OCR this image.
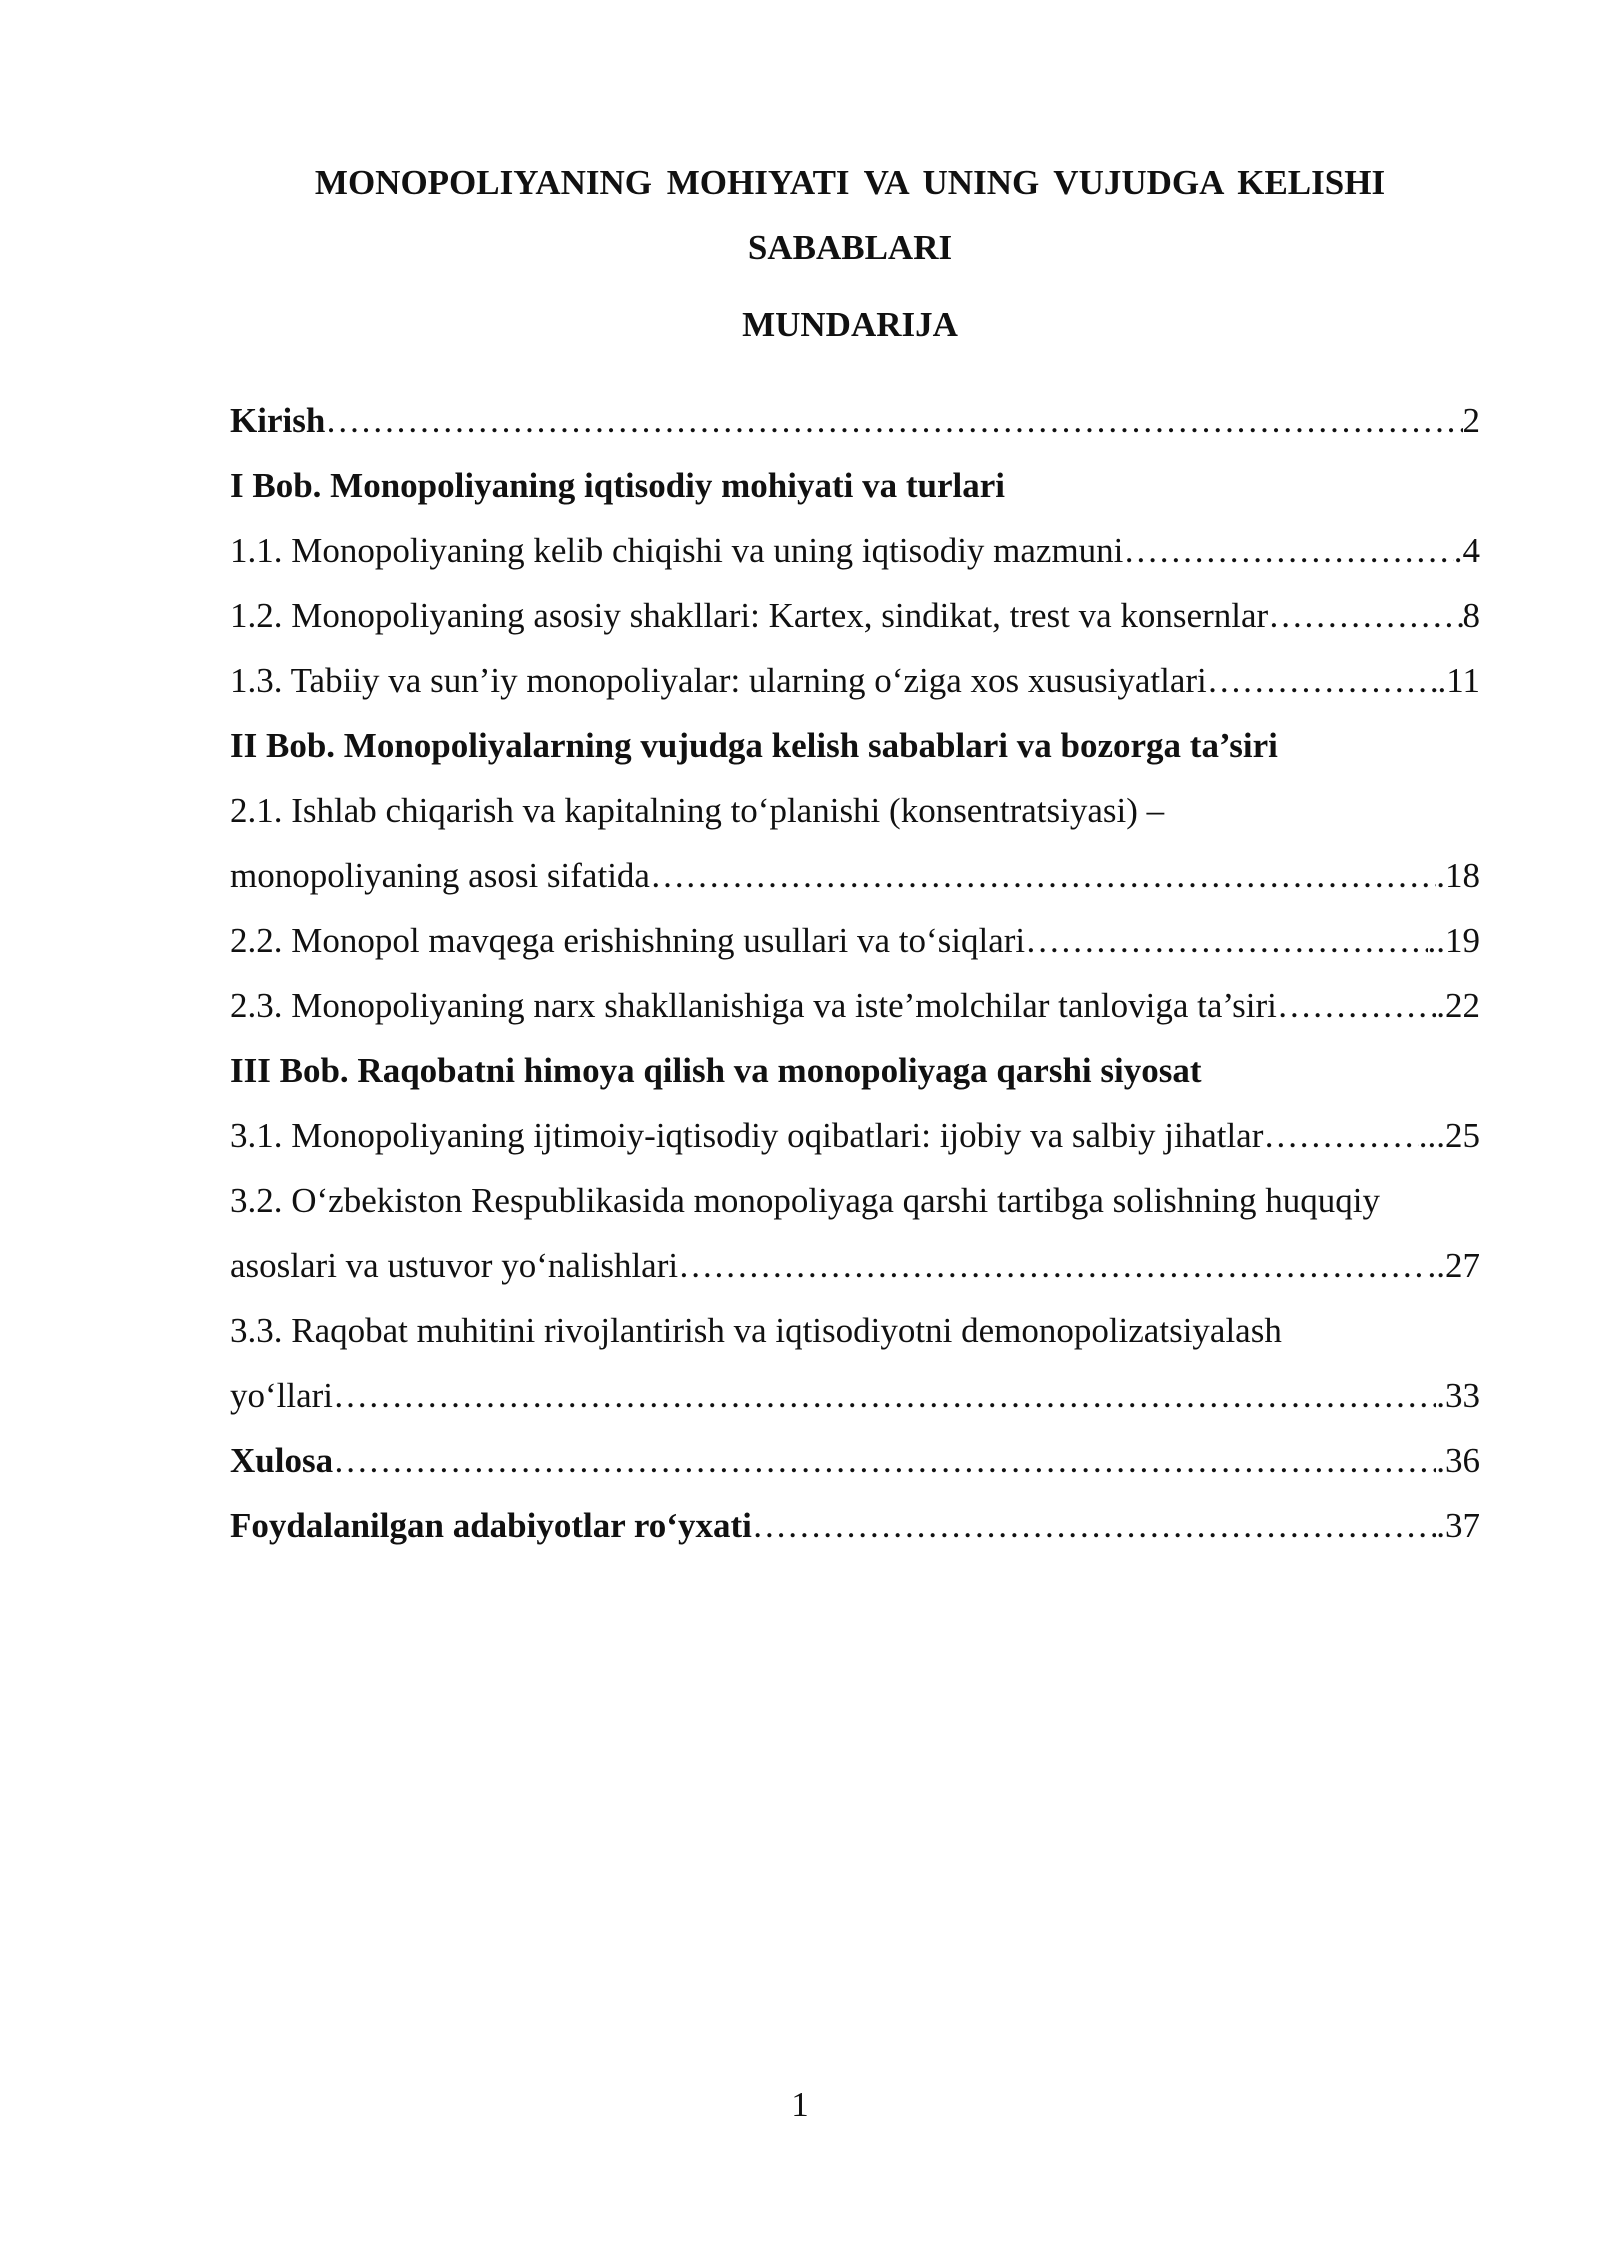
MONOPOLIYANING MOHIYATI VA UNING VUJUDGA KELISHI
SABABLARI
MUNDARIJA
Kirish ……………………………………………………………………………………………………………………………………………………………………	2
I Bob. Monopoliyaning iqtisodiy mohiyati va turlari
1.1. Monopoliyaning kelib chiqishi va uning iqtisodiy mazmuni ……………………………………………………………………………………………………………………………………………………………………	.4
1.2. Monopoliyaning asosiy shakllari: Kartex, sindikat, trest va konsernlar ……………………………………………………………………………………………………………………………………………………………………	8
1.3. Tabiiy va sun’iy monopoliyalar: ularning o‘ziga xos xususiyatlari ……………………………………………………………………………………………………………………………………………………………………	.11
II Bob. Monopoliyalarning vujudga kelish sabablari va bozorga ta’siri
2.1. Ishlab chiqarish va kapitalning to‘planishi (konsentratsiyasi) –
monopoliyaning asosi sifatida ……………………………………………………………………………………………………………………………………………………………………	.18
2.2. Monopol mavqega erishishning usullari va to‘siqlari ……………………………………………………………………………………………………………………………………………………………………	..19
2.3. Monopoliyaning narx shakllanishiga va iste’molchilar tanloviga ta’siri ……………………………………………………………………………………………………………………………………………………………………	.22
III Bob. Raqobatni himoya qilish va monopoliyaga qarshi siyosat
3.1. Monopoliyaning ijtimoiy-iqtisodiy oqibatlari: ijobiy va salbiy jihatlar ……………………………………………………………………………………………………………………………………………………………………	...25
3.2. O‘zbekiston Respublikasida monopoliyaga qarshi tartibga solishning huquqiy
asoslari va ustuvor yo‘nalishlari ……………………………………………………………………………………………………………………………………………………………………	..27
3.3. Raqobat muhitini rivojlantirish va iqtisodiyotni demonopolizatsiyalash
yo‘llari ……………………………………………………………………………………………………………………………………………………………………	.33
Xulosa ……………………………………………………………………………………………………………………………………………………………………	.36
Foydalanilgan adabiyotlar ro‘yxati ……………………………………………………………………………………………………………………………………………………………………	.37
1
